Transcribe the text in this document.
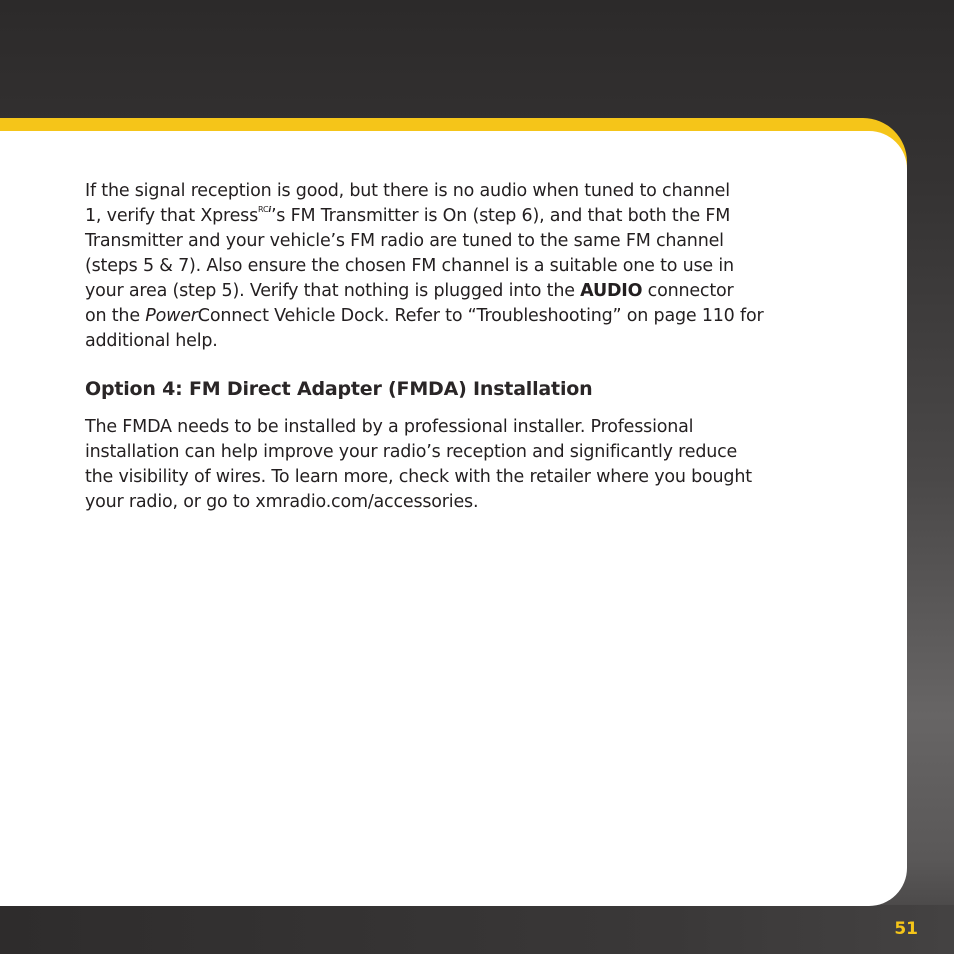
If the signal reception is good, but there is no audio when tuned to channel
1, verify that Xpress$^{RCi}$’s FM Transmitter is On (step 6), and that both the FM
Transmitter and your vehicle’s FM radio are tuned to the same FM channel
(steps 5 & 7). Also ensure the chosen FM channel is a suitable one to use in
your area (step 5). Verify that nothing is plugged into the AUDIO connector
on the PowerConnect Vehicle Dock. Refer to “Troubleshooting” on page 110 for
additional help.

Option 4: FM Direct Adapter (FMDA) Installation

The FMDA needs to be installed by a professional installer. Professional
installation can help improve your radio’s reception and significantly reduce
the visibility of wires. To learn more, check with the retailer where you bought
your radio, or go to xmradio.com/accessories.

51
